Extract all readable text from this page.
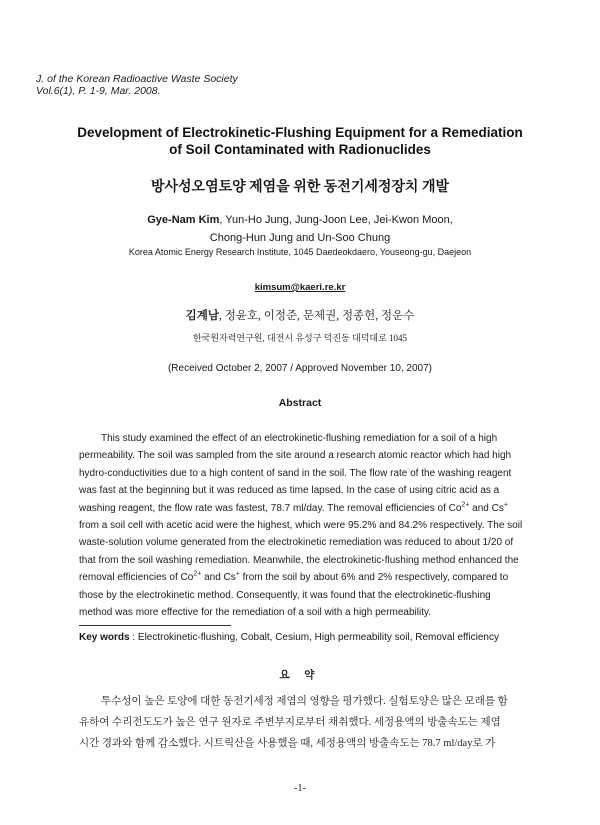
J. of the Korean Radioactive Waste Society
Vol.6(1), P. 1-9, Mar. 2008.
Development of Electrokinetic-Flushing Equipment for a Remediation
of Soil Contaminated with Radionuclides
방사성오염토양 제염을 위한 동전기세정장치 개발
Gye-Nam Kim, Yun-Ho Jung, Jung-Joon Lee, Jei-Kwon Moon,
Chong-Hun Jung and Un-Soo Chung
Korea Atomic Energy Research Institute, 1045 Daedeokdaero, Youseong-gu, Daejeon
kimsum@kaeri.re.kr
김계남, 정윤호, 이정준, 문제권, 정종헌, 정운수
한국원자력연구원, 대전시 유성구 덕진동 대덕대로 1045
(Received October 2, 2007 / Approved November 10, 2007)
Abstract
This study examined the effect of an electrokinetic-flushing remediation for a soil of a high
permeability. The soil was sampled from the site around a research atomic reactor which had high
hydro-conductivities due to a high content of sand in the soil. The flow rate of the washing reagent
was fast at the beginning but it was reduced as time lapsed. In the case of using citric acid as a
washing reagent, the flow rate was fastest, 78.7 ml/day. The removal efficiencies of $Co^{2+}$ and Cs+
from a soil cell with acetic acid were the highest, which were 95.2% and 84.2% respectively. The soil
waste-solution volume generated from the electrokinetic remediation was reduced to about 1/20 of
that from the soil washing remediation. Meanwhile, the electrokinetic-flushing method enhanced the
removal efficiencies of $Co^{2+}$ and Cs+ from the soil by about 6% and 2% respectively, compared to
those by the electrokinetic method. Consequently, it was found that the electrokinetic-flushing
method was more effective for the remediation of a soil with a high permeability.
Key words : Electrokinetic-flushing, Cobalt, Cesium, High permeability soil, Removal efficiency
요 약
투수성이 높은 토양에 대한 동전기세정 제염의 영향을 평가했다. 실험토양은 많은 모래를 함
유하여 수리전도도가 높은 연구 원자로 주변부지로부터 채취했다. 세정용액의 방출속도는 제염
시간 경과와 함께 감소했다. 시트릭산을 사용했을 때, 세정용액의 방출속도는 78.7 ml/day로 가
-1-
